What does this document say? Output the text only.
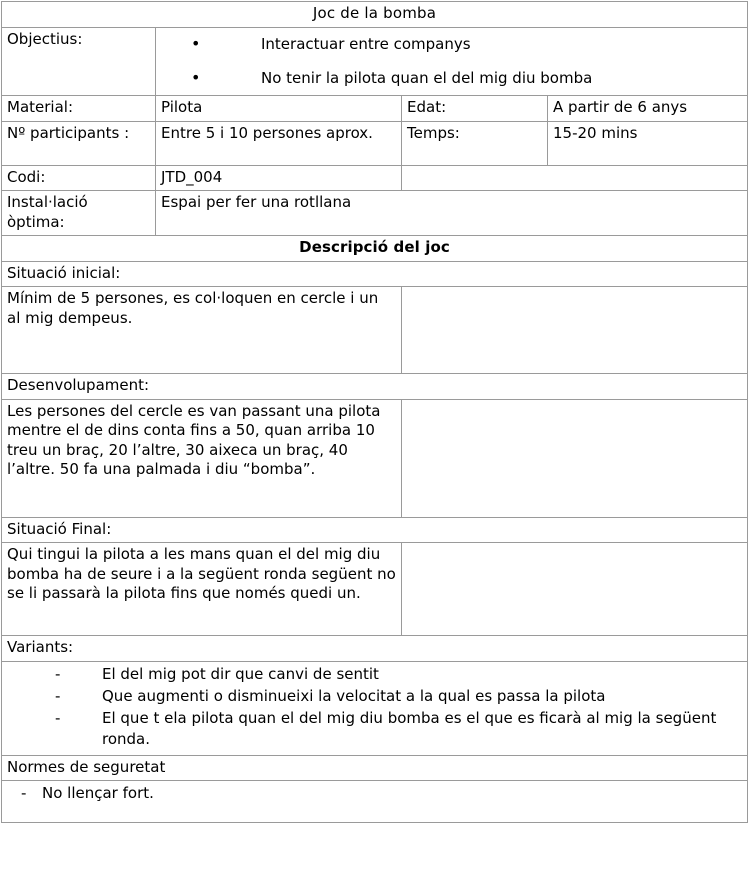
Joc de la bomba			
Objectius:	
•Interactuar entre companys
• No tenir la pilota quan el del mig diu bomba

Material:	Pilota	Edat:	A partir de 6 anys
Nº participants :	Entre 5 i 10 persones aprox.	Temps:	15-20 mins
Codi:	JTD_004		
Instal·lació òptima:	Espai per fer una rotllana		
Descripció del joc			
Situació inicial:			
Mínim de 5 persones, es col·loquen en cercle i un al mig dempeus.			
Desenvolupament:			
Les persones del cercle es van passant una pilota mentre el de dins conta fins a 50, quan arriba 10 treu un braç, 20 l’altre, 30 aixeca un braç, 40 l’altre. 50 fa una palmada i diu “bomba”.			
Situació Final:			
Qui tingui la pilota a les mans quan el del mig diu bomba ha de seure i a la següent ronda següent no se li passarà la pilota fins que només quedi un.			
Variants:			

- El del mig pot dir que canvi de sentit
- Que augmenti o disminueixi la velocitat a la qual es passa la pilota
- El que t ela pilota quan el del mig diu bomba es el que es ficarà al mig la següent ronda.

Normes de seguretat			

- No llençar fort.
